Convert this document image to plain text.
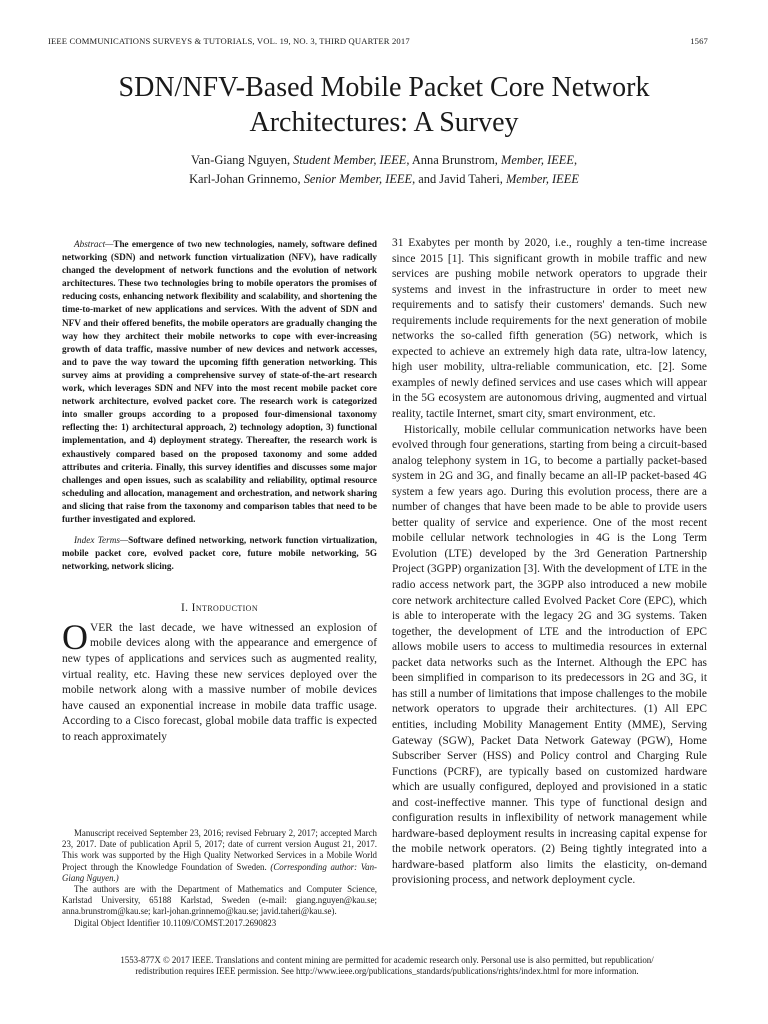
IEEE COMMUNICATIONS SURVEYS & TUTORIALS, VOL. 19, NO. 3, THIRD QUARTER 2017	1567
SDN/NFV-Based Mobile Packet Core Network
Architectures: A Survey
Van-Giang Nguyen, Student Member, IEEE, Anna Brunstrom, Member, IEEE,
Karl-Johan Grinnemo, Senior Member, IEEE, and Javid Taheri, Member, IEEE

Abstract—The emergence of two new technologies, namely, software defined networking (SDN) and network function virtualization (NFV), have radically changed the development of network functions and the evolution of network architectures. These two technologies bring to mobile operators the promises of reducing costs, enhancing network flexibility and scalability, and shortening the time-to-market of new applications and services. With the advent of SDN and NFV and their offered benefits, the mobile operators are gradually changing the way how they architect their mobile networks to cope with ever-increasing growth of data traffic, massive number of new devices and network accesses, and to pave the way toward the upcoming fifth generation networking. This survey aims at providing a comprehensive survey of state-of-the-art research work, which leverages SDN and NFV into the most recent mobile packet core network architecture, evolved packet core. The research work is categorized into smaller groups according to a proposed four-dimensional taxonomy reflecting the: 1) architectural approach, 2) technology adoption, 3) functional implementation, and 4) deployment strategy. Thereafter, the research work is exhaustively compared based on the proposed taxonomy and some added attributes and criteria. Finally, this survey identifies and discusses some major challenges and open issues, such as scalability and reliability, optimal resource scheduling and allocation, management and orchestration, and network sharing and slicing that raise from the taxonomy and comparison tables that need to be further investigated and explored.

Index Terms—Software defined networking, network function virtualization, mobile packet core, evolved packet core, future mobile networking, 5G networking, network slicing.

I. Introduction

OVER the last decade, we have witnessed an explosion of mobile devices along with the appearance and emergence of new types of applications and services such as augmented reality, virtual reality, etc. Having these new services deployed over the mobile network along with a massive number of mobile devices have caused an exponential increase in mobile data traffic usage. According to a Cisco forecast, global mobile data traffic is expected to reach approximately

Manuscript received September 23, 2016; revised February 2, 2017; accepted March 23, 2017. Date of publication April 5, 2017; date of current version August 21, 2017. This work was supported by the High Quality Networked Services in a Mobile World Project through the Knowledge Foundation of Sweden. (Corresponding author: Van-Giang Nguyen.)

The authors are with the Department of Mathematics and Computer Science, Karlstad University, 65188 Karlstad, Sweden (e-mail: giang.nguyen@kau.se; anna.brunstrom@kau.se; karl-johan.grinnemo@kau.se; javid.taheri@kau.se).

Digital Object Identifier 10.1109/COMST.2017.2690823

31 Exabytes per month by 2020, i.e., roughly a ten-time increase since 2015 [1]. This significant growth in mobile traffic and new services are pushing mobile network operators to upgrade their systems and invest in the infrastructure in order to meet new requirements and to satisfy their customers' demands. Such new requirements include requirements for the next generation of mobile networks the so-called fifth generation (5G) network, which is expected to achieve an extremely high data rate, ultra-low latency, high user mobility, ultra-reliable communication, etc. [2]. Some examples of newly defined services and use cases which will appear in the 5G ecosystem are autonomous driving, augmented and virtual reality, tactile Internet, smart city, smart environment, etc.

Historically, mobile cellular communication networks have been evolved through four generations, starting from being a circuit-based analog telephony system in 1G, to become a partially packet-based system in 2G and 3G, and finally became an all-IP packet-based 4G system a few years ago. During this evolution process, there are a number of changes that have been made to be able to provide users better quality of service and experience. One of the most recent mobile cellular network technologies in 4G is the Long Term Evolution (LTE) developed by the 3rd Generation Partnership Project (3GPP) organization [3]. With the development of LTE in the radio access network part, the 3GPP also introduced a new mobile core network architecture called Evolved Packet Core (EPC), which is able to interoperate with the legacy 2G and 3G systems. Taken together, the development of LTE and the introduction of EPC allows mobile users to access to multimedia resources in external packet data networks such as the Internet. Although the EPC has been simplified in comparison to its predecessors in 2G and 3G, it has still a number of limitations that impose challenges to the mobile network operators to upgrade their architectures. (1) All EPC entities, including Mobility Management Entity (MME), Serving Gateway (SGW), Packet Data Network Gateway (PGW), Home Subscriber Server (HSS) and Policy control and Charging Rule Functions (PCRF), are typically based on customized hardware which are usually configured, deployed and provisioned in a static and cost-ineffective manner. This type of functional design and configuration results in inflexibility of network management while hardware-based deployment results in increasing capital expense for the mobile network operators. (2) Being tightly integrated into a hardware-based platform also limits the elasticity, on-demand provisioning process, and network deployment cycle.

1553-877X © 2017 IEEE. Translations and content mining are permitted for academic research only. Personal use is also permitted, but republication/
redistribution requires IEEE permission. See http://www.ieee.org/publications_standards/publications/rights/index.html for more information.
